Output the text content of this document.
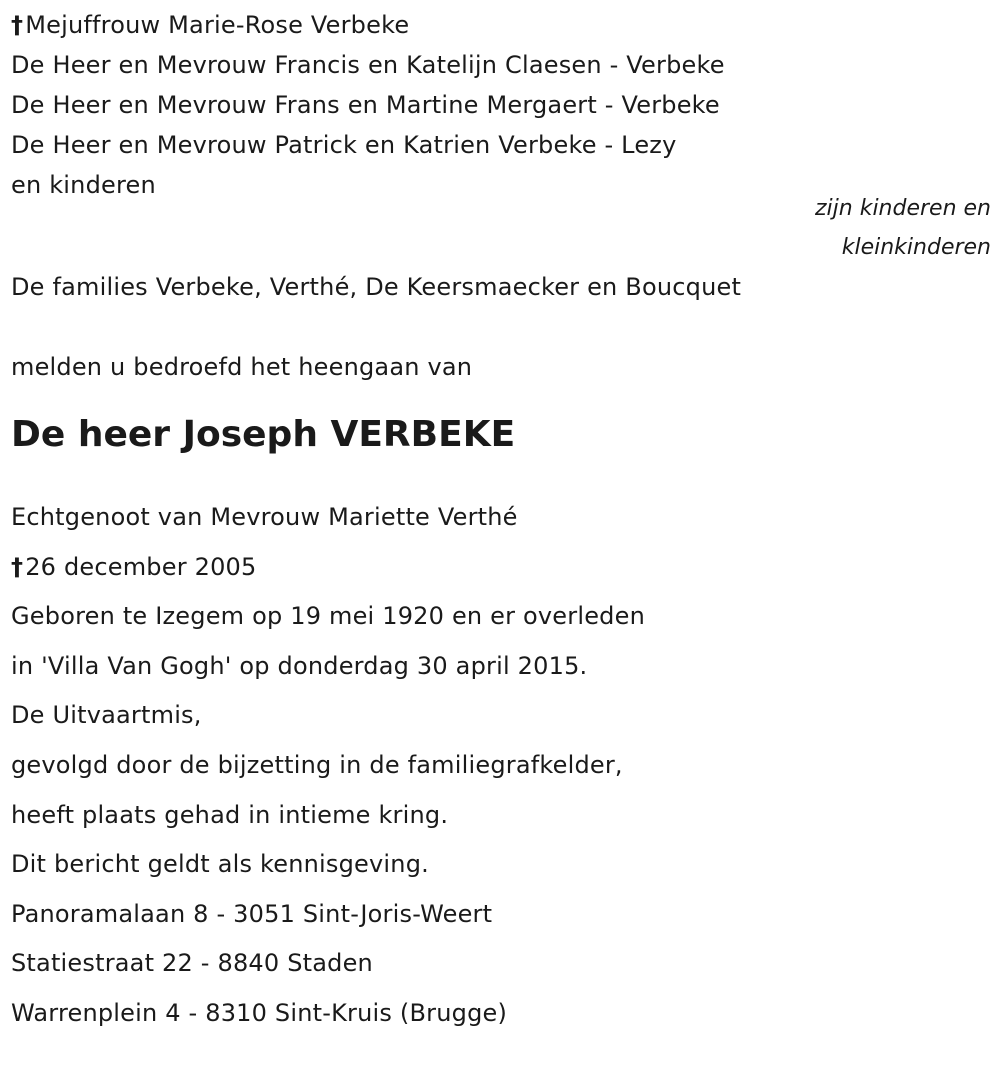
†Mejuffrouw Marie-Rose Verbeke
De Heer en Mevrouw Francis en Katelijn Claesen - Verbeke
De Heer en Mevrouw Frans en Martine Mergaert - Verbeke
De Heer en Mevrouw Patrick en Katrien Verbeke - Lezy
en kinderen
zijn kinderen en
kleinkinderen
De families Verbeke, Verthé, De Keersmaecker en Boucquet
melden u bedroefd het heengaan van
De heer Joseph VERBEKE
Echtgenoot van Mevrouw Mariette Verthé
†26 december 2005
Geboren te Izegem op 19 mei 1920 en er overleden
in 'Villa Van Gogh' op donderdag 30 april 2015.
De Uitvaartmis,
gevolgd door de bijzetting in de familiegrafkelder,
heeft plaats gehad in intieme kring.
Dit bericht geldt als kennisgeving.
Panoramalaan 8 - 3051 Sint-Joris-Weert
Statiestraat 22 - 8840 Staden
Warrenplein 4 - 8310 Sint-Kruis (Brugge)
